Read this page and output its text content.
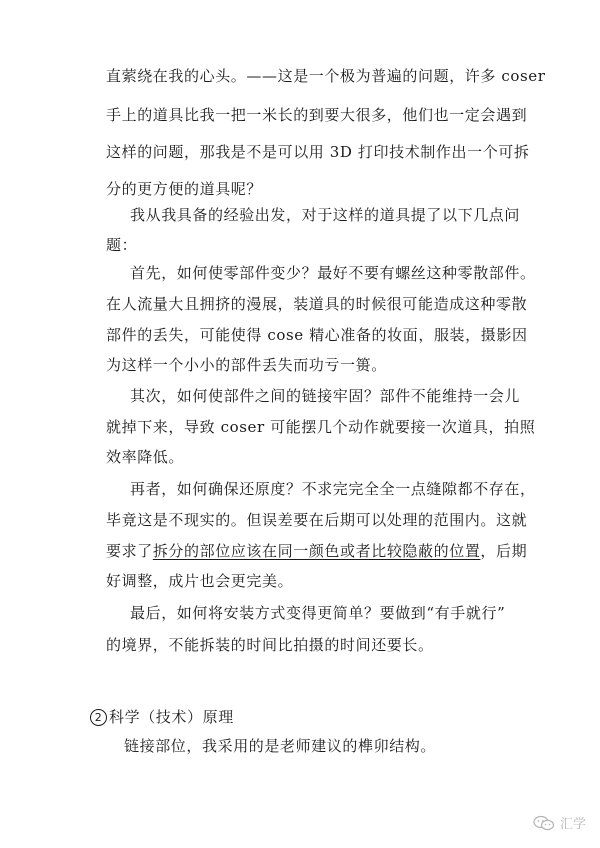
直萦绕在我的心头。——这是一个极为普遍的问题，许多 coser
手上的道具比我一把一米长的到要大很多，他们也一定会遇到
这样的问题，那我是不是可以用 3D 打印技术制作出一个可拆
分的更方便的道具呢？
我从我具备的经验出发，对于这样的道具提了以下几点问
题：
首先，如何使零部件变少？最好不要有螺丝这种零散部件。
在人流量大且拥挤的漫展，装道具的时候很可能造成这种零散
部件的丢失，可能使得 cose 精心准备的妆面，服装，摄影因
为这样一个小小的部件丢失而功亏一篑。
其次，如何使部件之间的链接牢固？部件不能维持一会儿
就掉下来，导致 coser 可能摆几个动作就要接一次道具，拍照
效率降低。
再者，如何确保还原度？不求完完全全一点缝隙都不存在，
毕竟这是不现实的。但误差要在后期可以处理的范围内。这就
要求了拆分的部位应该在同一颜色或者比较隐蔽的位置，后期
好调整，成片也会更完美。
最后，如何将安装方式变得更简单？要做到“有手就行”
的境界，不能拆装的时间比拍摄的时间还要长。
2 科学（技术）原理
链接部位，我采用的是老师建议的榫卯结构。
汇学
